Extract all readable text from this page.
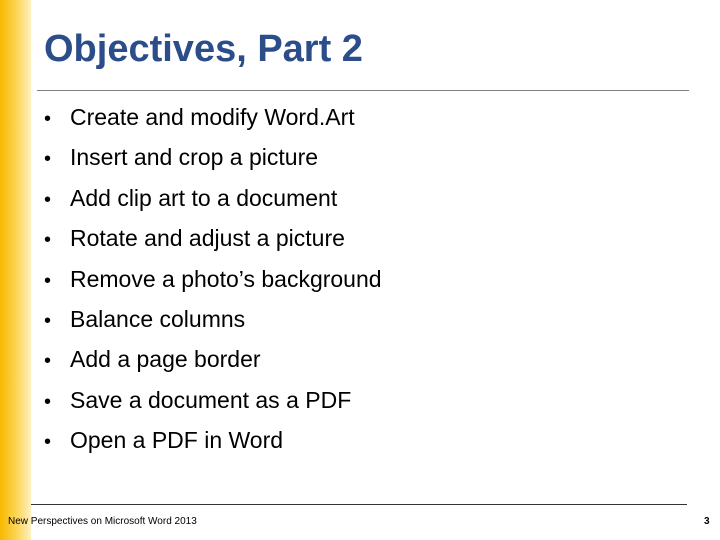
Objectives, Part 2
• Create and modify Word.Art
• Insert and crop a picture
• Add clip art to a document
• Rotate and adjust a picture
• Remove a photo’s background
• Balance columns
• Add a page border
• Save a document as a PDF
• Open a PDF in Word
New Perspectives on Microsoft Word 2013	3
